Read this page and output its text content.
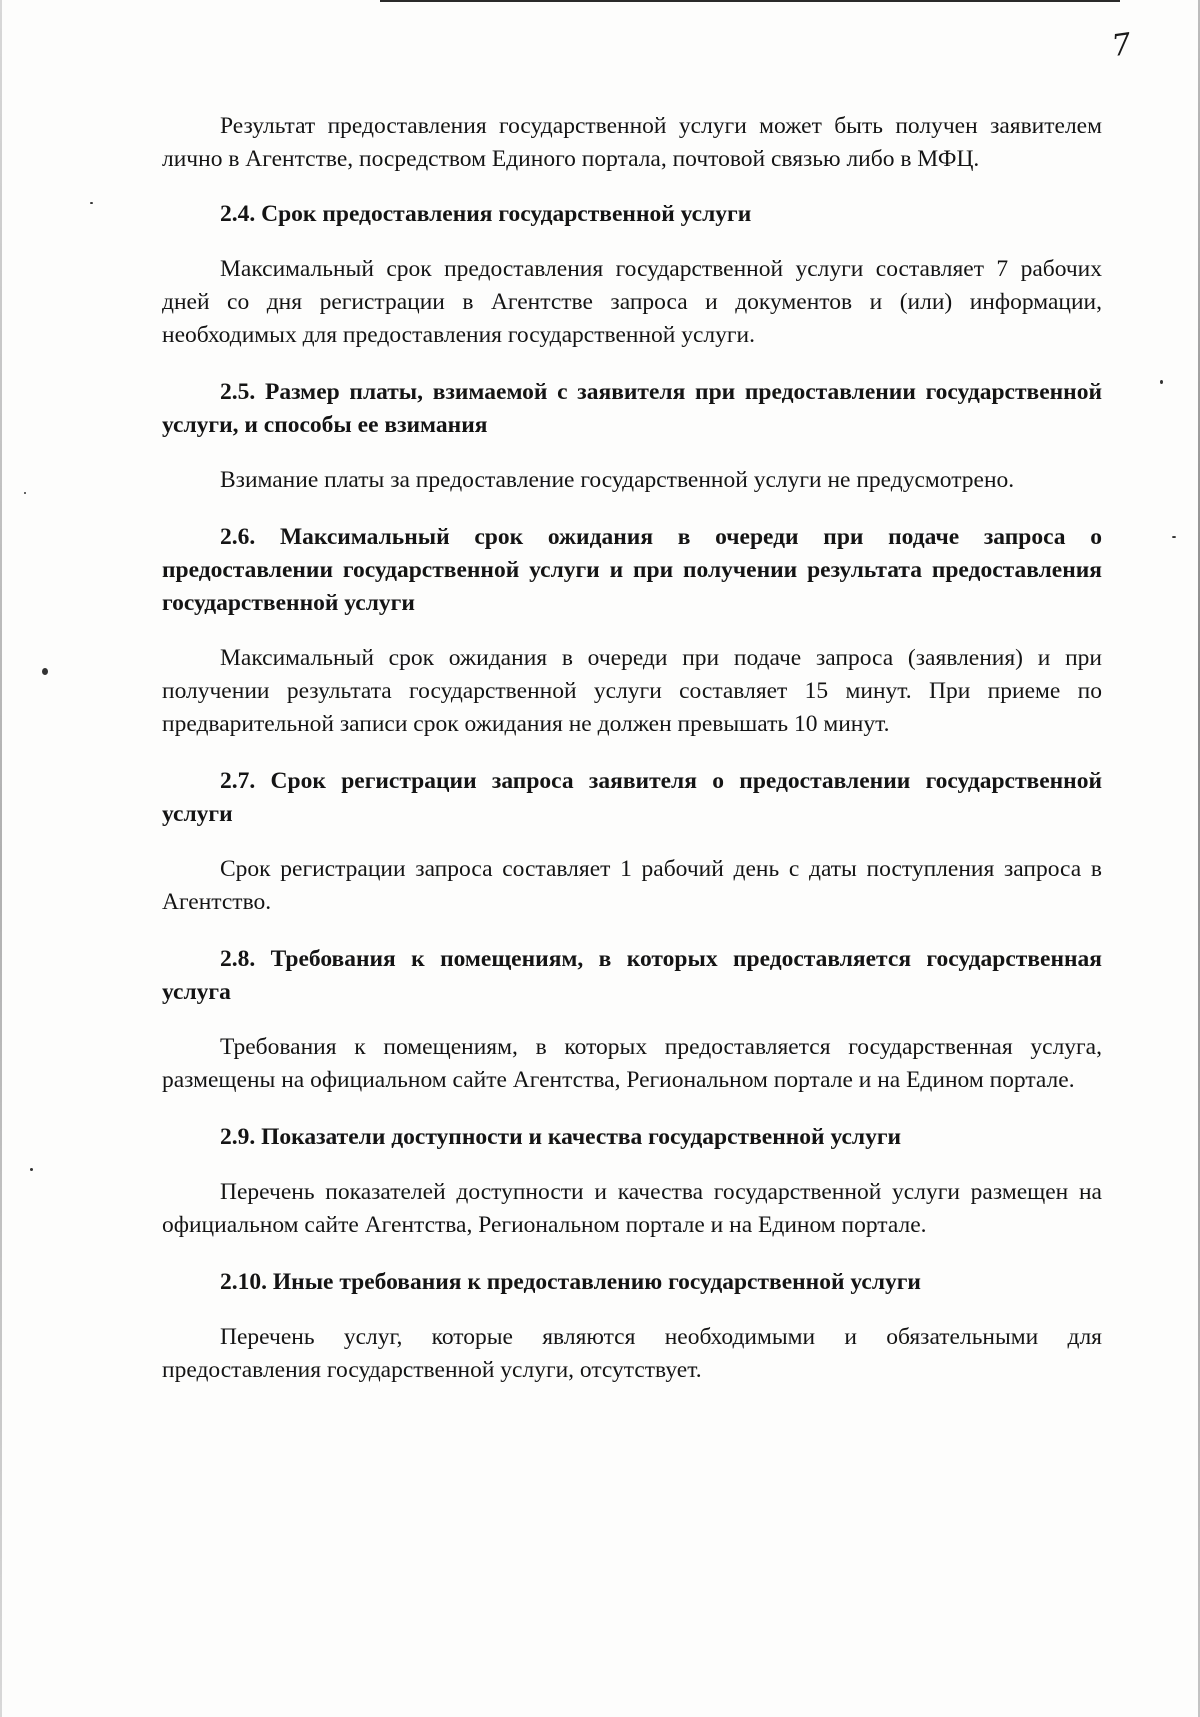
7

Результат предоставления государственной услуги может быть получен заявителем лично в Агентстве, посредством Единого портала, почтовой связью либо в МФЦ.

2.4. Срок предоставления государственной услуги

Максимальный срок предоставления государственной услуги составляет 7 рабочих дней со дня регистрации в Агентстве запроса и документов и (или) информации, необходимых для предоставления государственной услуги.

2.5. Размер платы, взимаемой с заявителя при предоставлении государственной услуги, и способы ее взимания

Взимание платы за предоставление государственной услуги не предусмотрено.

2.6. Максимальный срок ожидания в очереди при подаче запроса о предоставлении государственной услуги и при получении результата предоставления государственной услуги

Максимальный срок ожидания в очереди при подаче запроса (заявления) и при получении результата государственной услуги составляет 15 минут. При приеме по предварительной записи срок ожидания не должен превышать 10 минут.

2.7. Срок регистрации запроса заявителя о предоставлении государственной услуги

Срок регистрации запроса составляет 1 рабочий день с даты поступления запроса в Агентство.

2.8. Требования к помещениям, в которых предоставляется государственная услуга

Требования к помещениям, в которых предоставляется государственная услуга, размещены на официальном сайте Агентства, Региональном портале и на Едином портале.

2.9. Показатели доступности и качества государственной услуги

Перечень показателей доступности и качества государственной услуги размещен на официальном сайте Агентства, Региональном портале и на Едином портале.

2.10. Иные требования к предоставлению государственной услуги

Перечень услуг, которые являются необходимыми и обязательными для предоставления государственной услуги, отсутствует.
